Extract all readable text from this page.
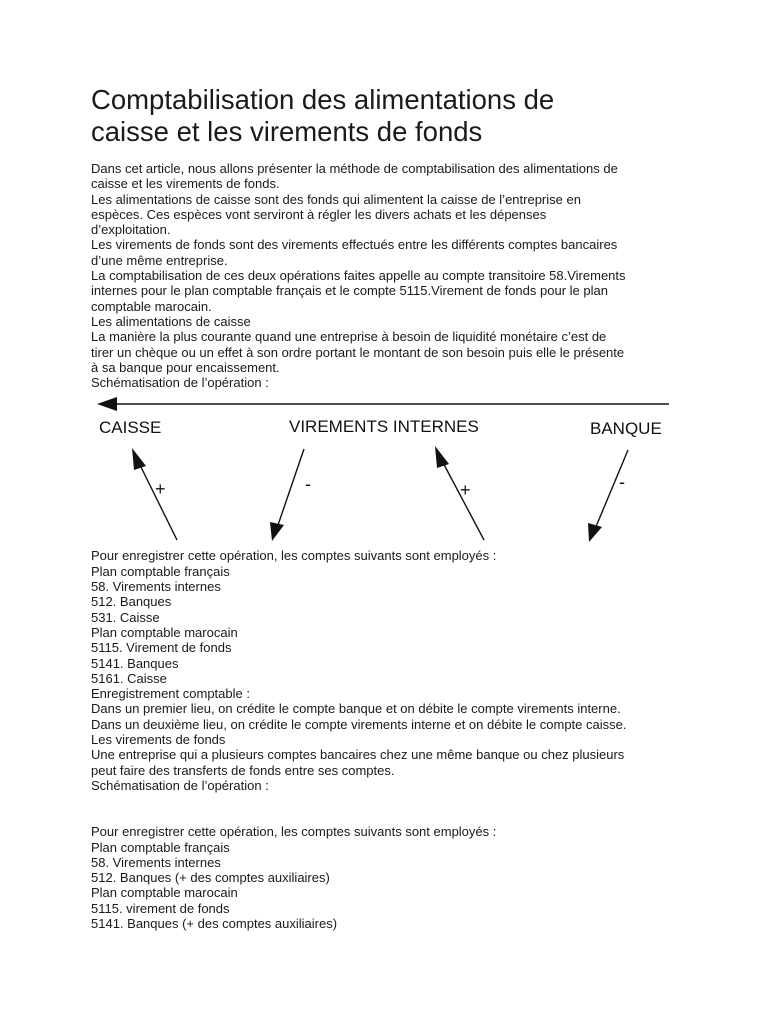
Comptabilisation des alimentations de
caisse et les virements de fonds

Dans cet article, nous allons présenter la méthode de comptabilisation des alimentations de

caisse et les virements de fonds.

Les alimentations de caisse sont des fonds qui alimentent la caisse de l’entreprise en

espèces. Ces espèces vont serviront à régler les divers achats et les dépenses

d’exploitation.

Les virements de fonds sont des virements effectués entre les différents comptes bancaires

d’une même entreprise.

La comptabilisation de ces deux opérations faites appelle au compte transitoire 58.Virements

internes pour le plan comptable français et le compte 5115.Virement de fonds pour le plan

comptable marocain.

Les alimentations de caisse

La manière la plus courante quand une entreprise à besoin de liquidité monétaire c’est de

tirer un chèque ou un effet à son ordre portant le montant de son besoin puis elle le présente

à sa banque pour encaissement.

Schématisation de l’opération :

CAISSE	VIREMENTS INTERNES	BANQUE
+	-	+	-

Pour enregistrer cette opération, les comptes suivants sont employés :

Plan comptable français

58. Virements internes

512. Banques

531. Caisse

Plan comptable marocain

5115. Virement de fonds

5141. Banques

5161. Caisse

Enregistrement comptable :

Dans un premier lieu, on crédite le compte banque et on débite le compte virements interne.

Dans un deuxième lieu, on crédite le compte virements interne et on débite le compte caisse.

Les virements de fonds

Une entreprise qui a plusieurs comptes bancaires chez une même banque ou chez plusieurs

peut faire des transferts de fonds entre ses comptes.

Schématisation de l’opération :

Pour enregistrer cette opération, les comptes suivants sont employés :

Plan comptable français

58. Virements internes

512. Banques (+ des comptes auxiliaires)

Plan comptable marocain

5115. virement de fonds

5141. Banques (+ des comptes auxiliaires)
